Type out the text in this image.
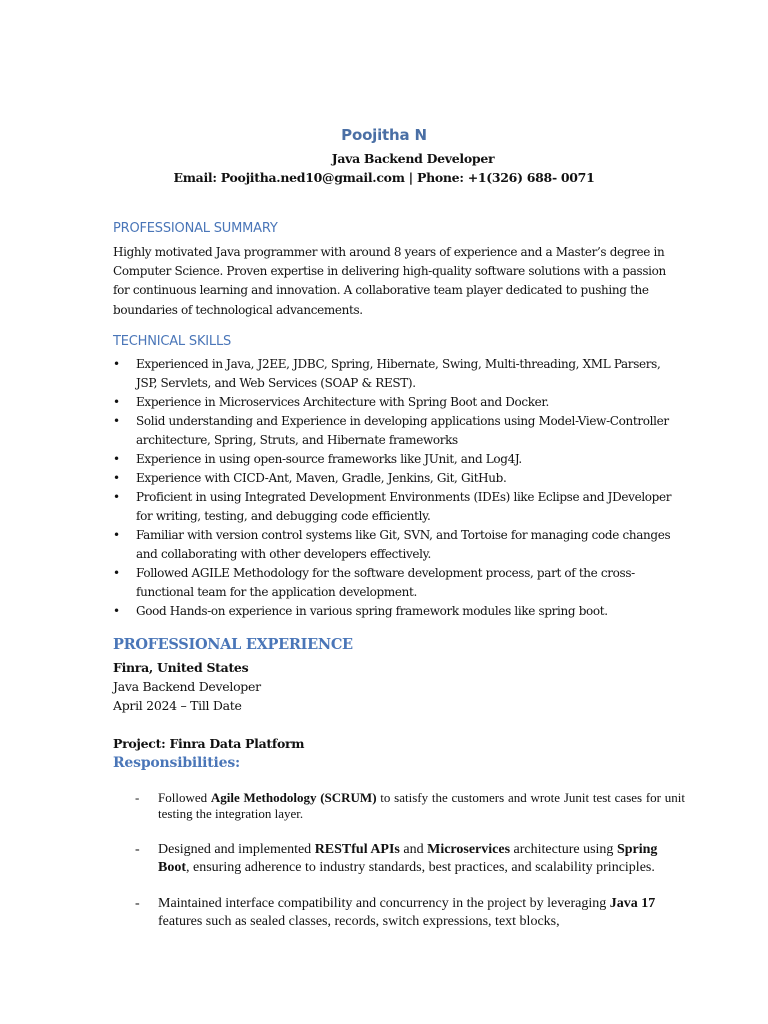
Poojitha N
Java Backend Developer
Email: Poojitha.ned10@gmail.com | Phone: +1(326) 688- 0071
PROFESSIONAL SUMMARY
Highly motivated Java programmer with around 8 years of experience and a Master’s degree in Computer Science. Proven expertise in delivering high-quality software solutions with a passion for continuous learning and innovation. A collaborative team player dedicated to pushing the boundaries of technological advancements.
TECHNICAL SKILLS
• Experienced in Java, J2EE, JDBC, Spring, Hibernate, Swing, Multi-threading, XML Parsers, JSP, Servlets, and Web Services (SOAP & REST).
• Experience in Microservices Architecture with Spring Boot and Docker.
• Solid understanding and Experience in developing applications using Model-View-Controller architecture, Spring, Struts, and Hibernate frameworks
• Experience in using open-source frameworks like JUnit, and Log4J.
• Experience with CICD-Ant, Maven, Gradle, Jenkins, Git, GitHub.
• Proficient in using Integrated Development Environments (IDEs) like Eclipse and JDeveloper for writing, testing, and debugging code efficiently.
• Familiar with version control systems like Git, SVN, and Tortoise for managing code changes and collaborating with other developers effectively.
• Followed AGILE Methodology for the software development process, part of the cross-functional team for the application development.
• Good Hands-on experience in various spring framework modules like spring boot.
PROFESSIONAL EXPERIENCE
Finra, United States
Java Backend Developer
April 2024 – Till Date
Project: Finra Data Platform
Responsibilities:
- Followed Agile Methodology (SCRUM) to satisfy the customers and wrote Junit test cases for unit testing the integration layer.
- Designed and implemented RESTful APIs and Microservices architecture using Spring Boot, ensuring adherence to industry standards, best practices, and scalability principles.
- Maintained interface compatibility and concurrency in the project by leveraging Java 17 features such as sealed classes, records, switch expressions, text blocks,
